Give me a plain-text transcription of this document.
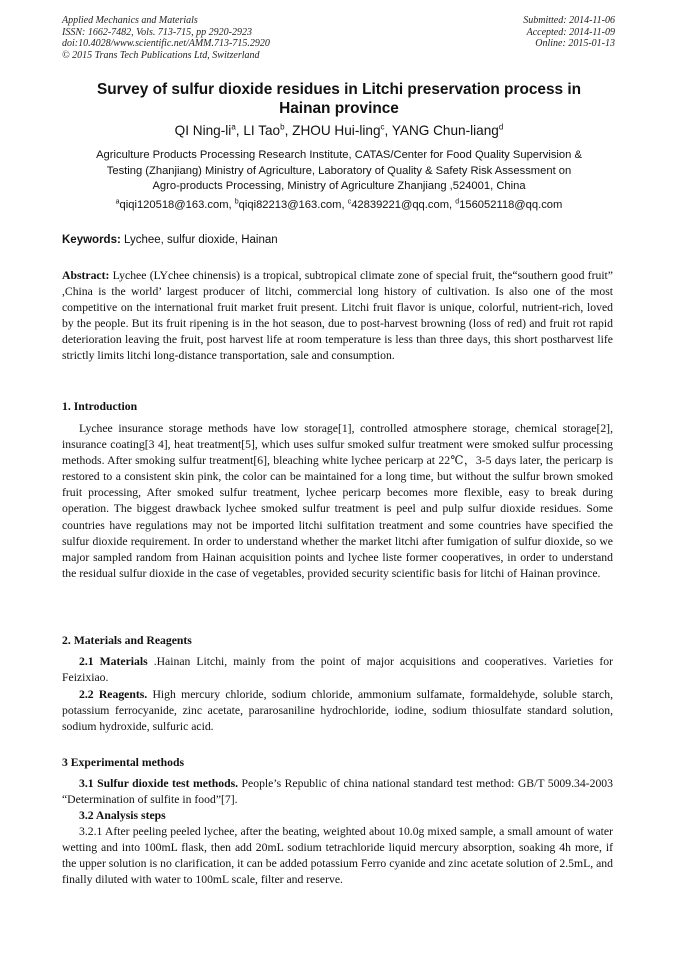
Applied Mechanics and Materials
ISSN: 1662-7482, Vols. 713-715, pp 2920-2923
doi:10.4028/www.scientific.net/AMM.713-715.2920
© 2015 Trans Tech Publications Ltd, Switzerland
Submitted: 2014-11-06
Accepted: 2014-11-09
Online: 2015-01-13
Survey of sulfur dioxide residues in Litchi preservation process in Hainan province
QI Ning-$li^a$, LI Tao$^b$, ZHOU Hui-ling$^c$, YANG Chun-liang$^d$
Agriculture Products Processing Research Institute, CATAS/Center for Food Quality Supervision &
Testing (Zhanjiang) Ministry of Agriculture, Laboratory of Quality & Safety Risk Assessment on
Agro-products Processing, Ministry of Agriculture Zhanjiang ,524001, China
$^a$qiqi120518@163.com, $^b$qiqi82213@163.com, $^c$42839221@qq.com, $^d$156052118@qq.com
Keywords: Lychee, sulfur dioxide, Hainan
Abstract: Lychee (LYchee chinensis) is a tropical, subtropical climate zone of special fruit, the“southern good fruit” ,China is the world’ largest producer of litchi, commercial long history of cultivation. Is also one of the most competitive on the international fruit market fruit present. Litchi fruit flavor is unique, colorful, nutrient-rich, loved by the people. But its fruit ripening is in the hot season, due to post-harvest browning (loss of red) and fruit rot rapid deterioration leaving the fruit, post harvest life at room temperature is less than three days, this short postharvest life strictly limits litchi long-distance transportation, sale and consumption.
1. Introduction
Lychee insurance storage methods have low storage[1], controlled atmosphere storage, chemical storage[2], insurance coating[3 4], heat treatment[5], which uses sulfur smoked sulfur treatment were smoked sulfur processing methods. After smoking sulfur treatment[6], bleaching white lychee pericarp at 22℃，3-5 days later, the pericarp is restored to a consistent skin pink, the color can be maintained for a long time, but without the sulfur brown smoked fruit processing, After smoked sulfur treatment, lychee pericarp becomes more flexible, easy to break during operation. The biggest drawback lychee smoked sulfur treatment is peel and pulp sulfur dioxide residues. Some countries have regulations may not be imported litchi sulfitation treatment and some countries have specified the sulfur dioxide requirement. In order to understand whether the market litchi after fumigation of sulfur dioxide, so we major sampled random from Hainan acquisition points and lychee liste former cooperatives, in order to understand the residual sulfur dioxide in the case of vegetables, provided security scientific basis for litchi of Hainan province.
2. Materials and Reagents
2.1 Materials .Hainan Litchi, mainly from the point of major acquisitions and cooperatives. Varieties for Feizixiao.
2.2 Reagents. High mercury chloride, sodium chloride, ammonium sulfamate, formaldehyde, soluble starch, potassium ferrocyanide, zinc acetate, pararosaniline hydrochloride, iodine, sodium thiosulfate standard solution, sodium hydroxide, sulfuric acid.
3 Experimental methods
3.1 Sulfur dioxide test methods. People’s Republic of china national standard test method: GB/T 5009.34-2003 “Determination of sulfite in food”[7].
3.2 Analysis steps
3.2.1 After peeling peeled lychee, after the beating, weighted about 10.0g mixed sample, a small amount of water wetting and into 100mL flask, then add 20mL sodium tetrachloride liquid mercury absorption, soaking 4h more, if the upper solution is no clarification, it can be added potassium Ferro cyanide and zinc acetate solution of 2.5mL, and finally diluted with water to 100mL scale, filter and reserve.
